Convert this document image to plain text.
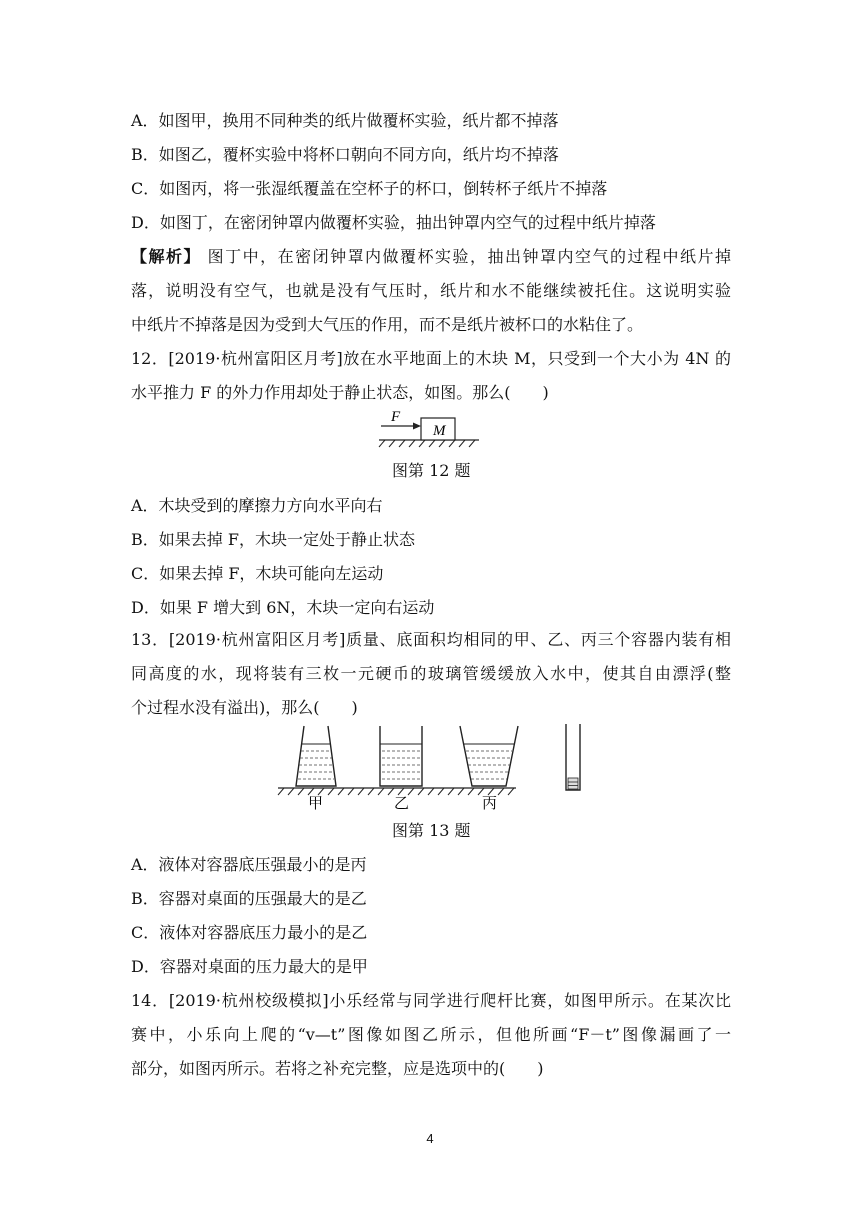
A．如图甲，换用不同种类的纸片做覆杯实验，纸片都不掉落
B．如图乙，覆杯实验中将杯口朝向不同方向，纸片均不掉落
C．如图丙，将一张湿纸覆盖在空杯子的杯口，倒转杯子纸片不掉落
D．如图丁，在密闭钟罩内做覆杯实验，抽出钟罩内空气的过程中纸片掉落
【解析】 图丁中，在密闭钟罩内做覆杯实验，抽出钟罩内空气的过程中纸片掉
落，说明没有空气，也就是没有气压时，纸片和水不能继续被托住。这说明实验
中纸片不掉落是因为受到大气压的作用，而不是纸片被杯口的水粘住了。
12．[2019·杭州富阳区月考]放在水平地面上的木块 M，只受到一个大小为 4N 的
水平推力 F 的外力作用却处于静止状态，如图。那么(　　)
M
F
图第 12 题
A．木块受到的摩擦力方向水平向右
B．如果去掉 F，木块一定处于静止状态
C．如果去掉 F，木块可能向左运动
D．如果 F 增大到 6N，木块一定向右运动
13．[2019·杭州富阳区月考]质量、底面积均相同的甲、乙、丙三个容器内装有相
同高度的水，现将装有三枚一元硬币的玻璃管缓缓放入水中，使其自由漂浮(整
个过程水没有溢出)，那么(　　)
甲	乙	丙
图第 13 题
A．液体对容器底压强最小的是丙
B．容器对桌面的压强最大的是乙
C．液体对容器底压力最小的是乙
D．容器对桌面的压力最大的是甲
14．[2019·杭州校级模拟]小乐经常与同学进行爬杆比赛，如图甲所示。在某次比
赛中，小乐向上爬的“v—t”图像如图乙所示，但他所画“F－t”图像漏画了一
部分，如图丙所示。若将之补充完整，应是选项中的(　　)
4
